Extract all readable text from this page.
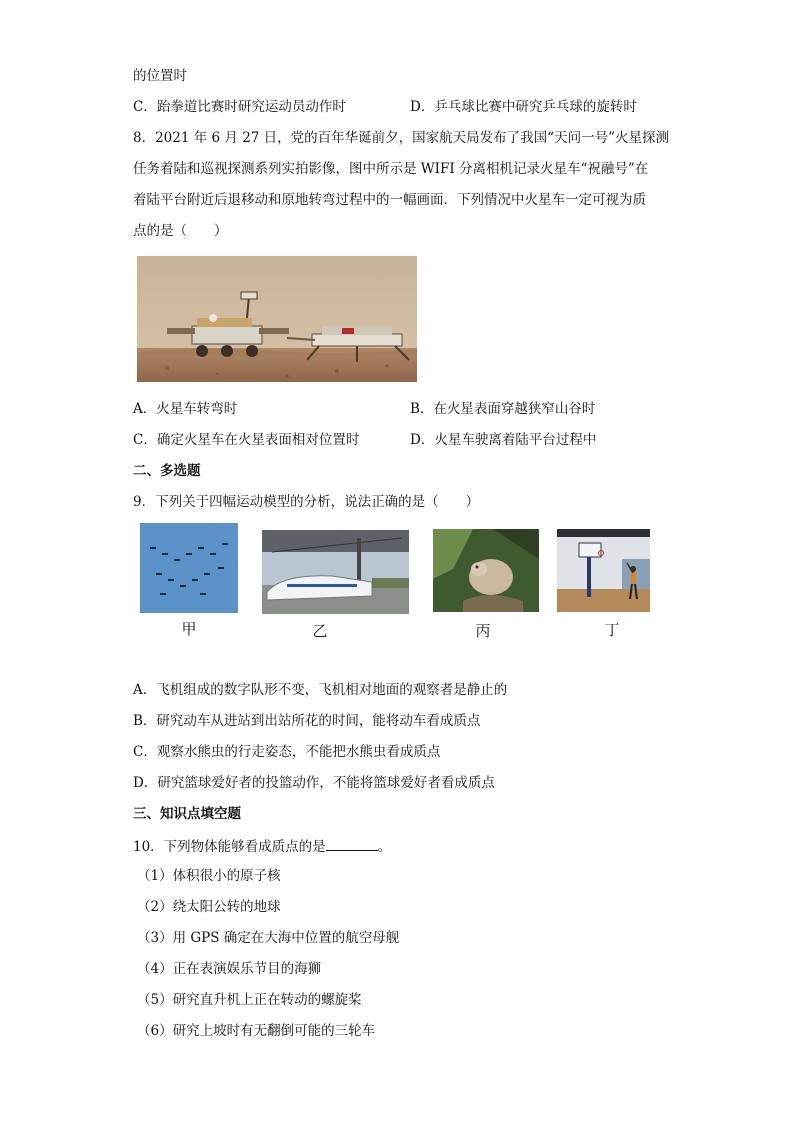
的位置时
C．跆拳道比赛时研究运动员动作时	D．乒乓球比赛中研究乒乓球的旋转时
8．2021 年 6 月 27 日，党的百年华诞前夕，国家航天局发布了我国“天问一号”火星探测
任务着陆和巡视探测系列实拍影像，图中所示是 WIFI 分离相机记录火星车“祝融号”在
着陆平台附近后退移动和原地转弯过程中的一幅画面．下列情况中火星车一定可视为质
点的是（　　）
A．火星车转弯时	B．在火星表面穿越狭窄山谷时
C．确定火星车在火星表面相对位置时	D．火星车驶离着陆平台过程中
二、多选题
9．下列关于四幅运动模型的分析，说法正确的是（　　）
甲	乙	丙	丁
A．飞机组成的数字队形不变，飞机相对地面的观察者是静止的
B．研究动车从进站到出站所花的时间，能将动车看成质点
C．观察水熊虫的行走姿态，不能把水熊虫看成质点
D．研究篮球爱好者的投篮动作，不能将篮球爱好者看成质点
三、知识点填空题
10．下列物体能够看成质点的是	。
（1）体积很小的原子核
（2）绕太阳公转的地球
（3）用 GPS 确定在大海中位置的航空母舰
（4）正在表演娱乐节目的海狮
（5）研究直升机上正在转动的螺旋桨
（6）研究上坡时有无翻倒可能的三轮车
